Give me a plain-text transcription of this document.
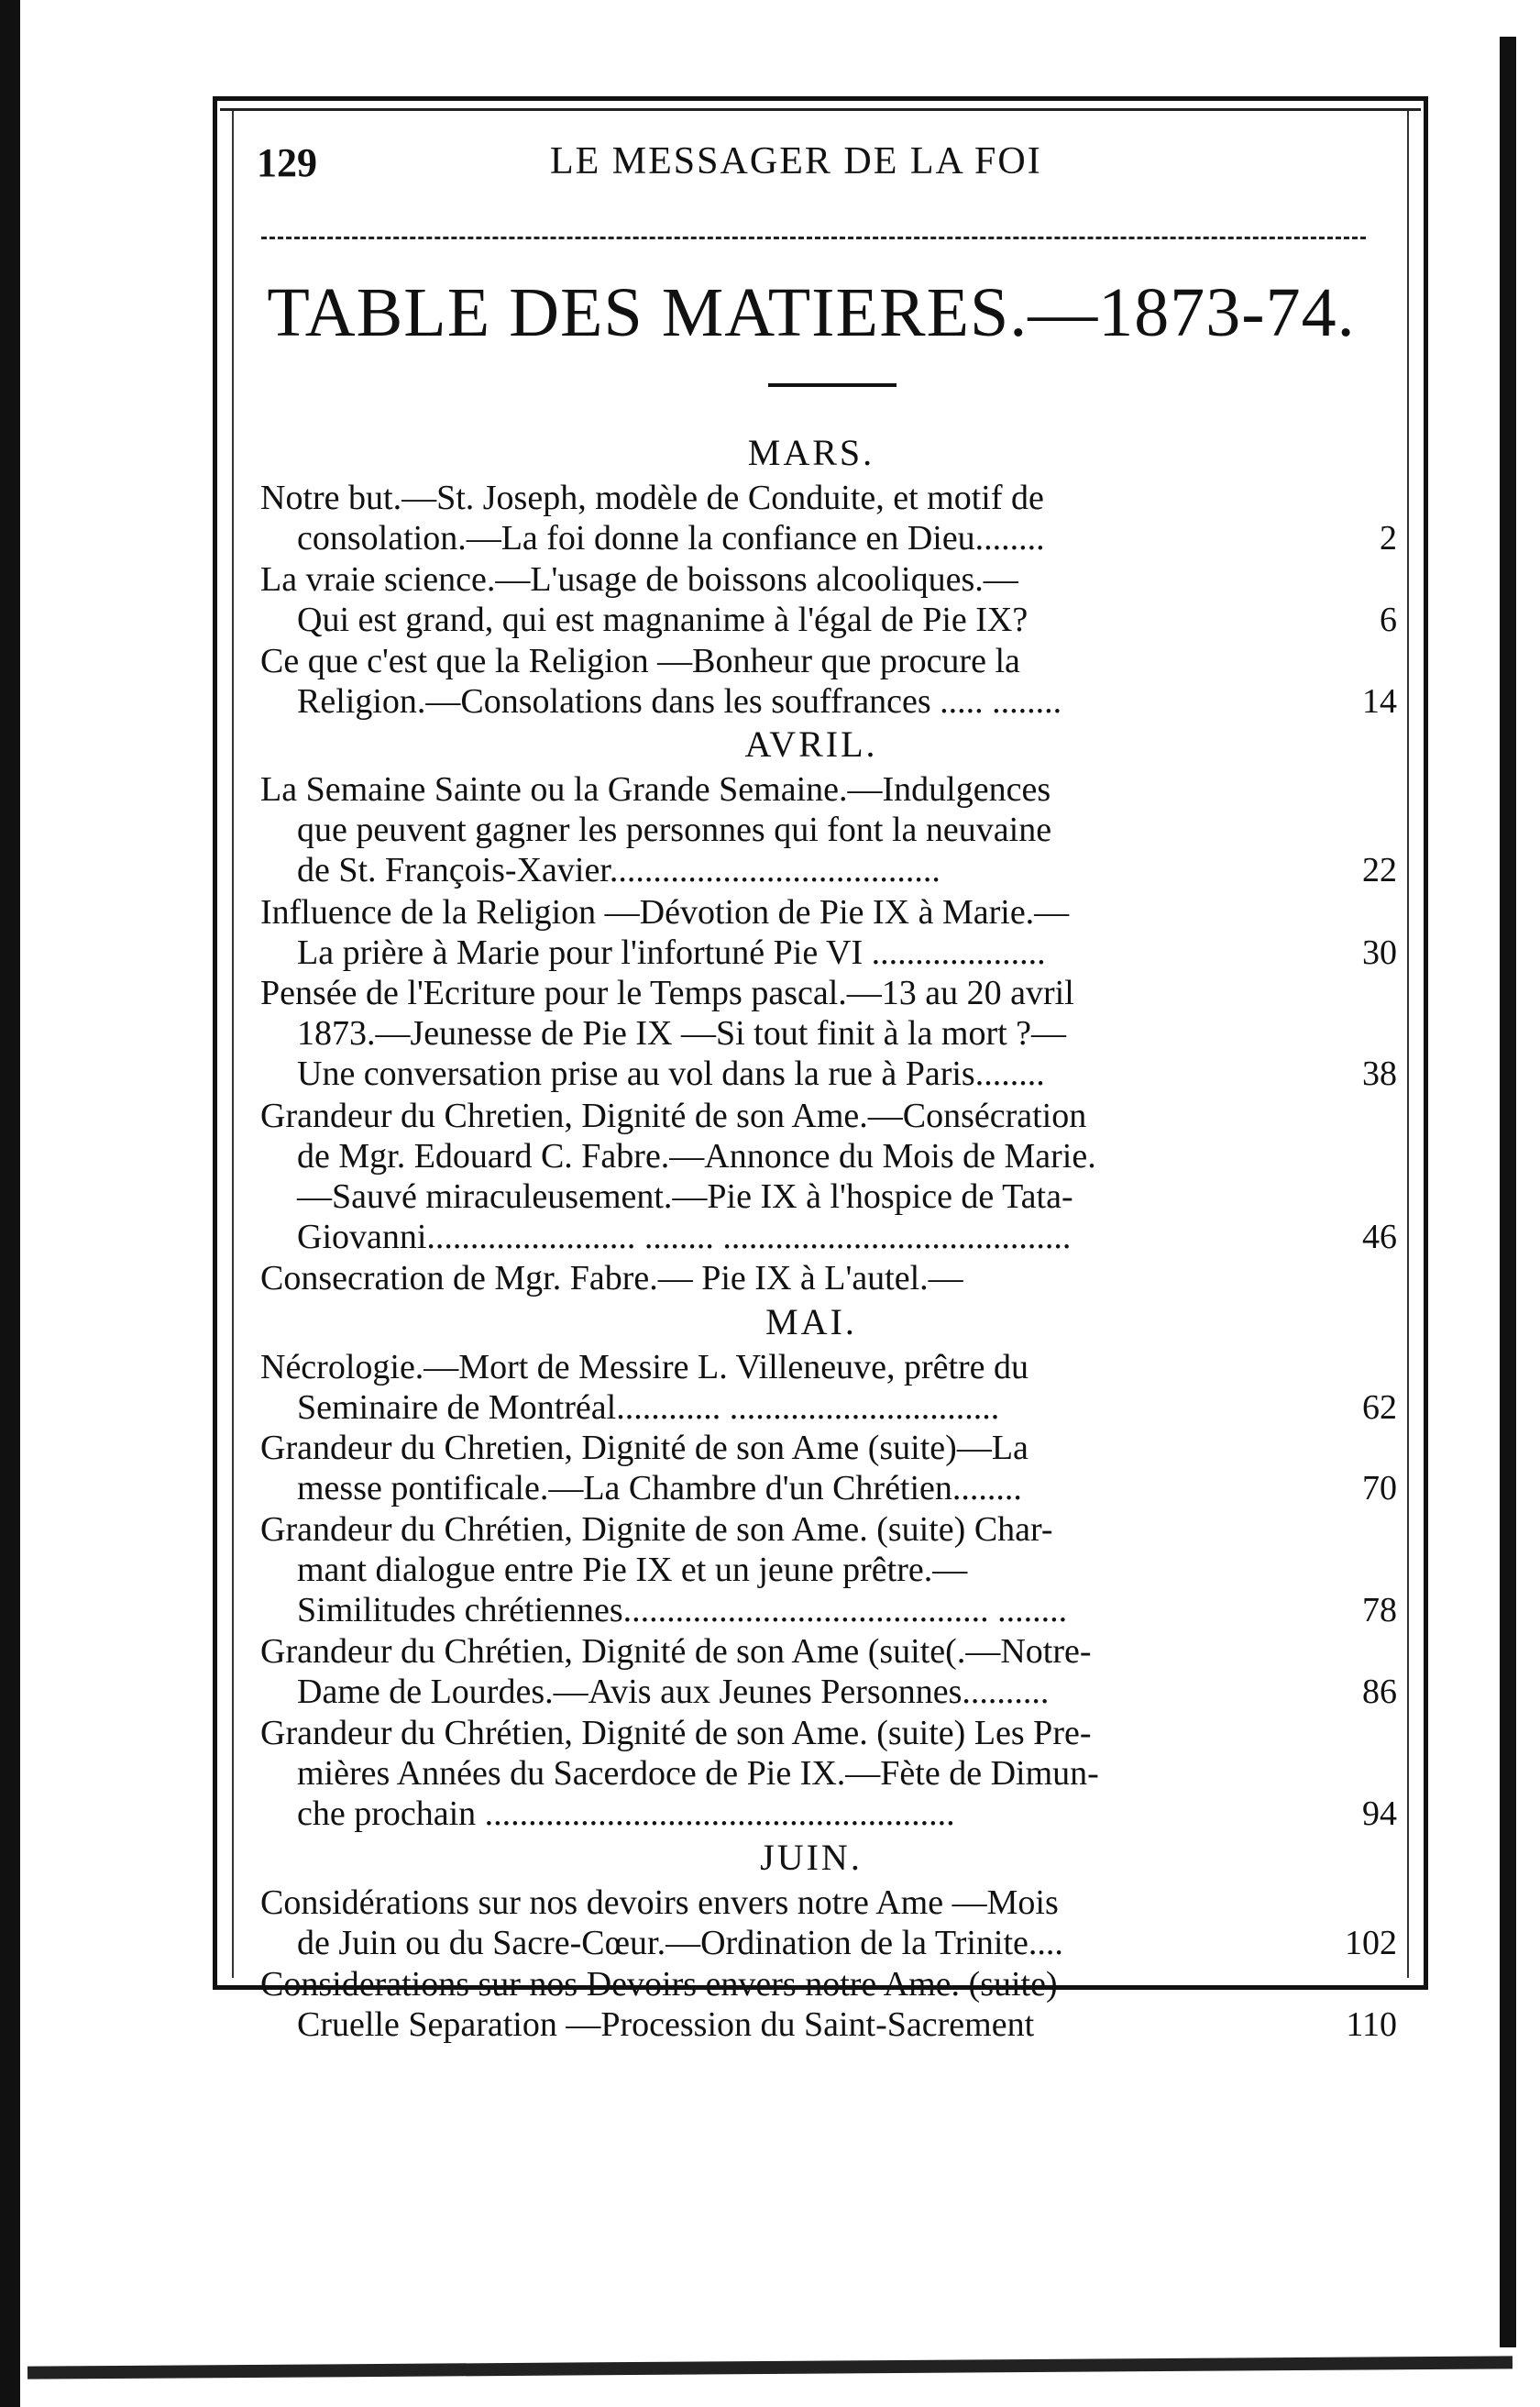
129	LE MESSAGER DE LA FOI
TABLE DES MATIERES.—1873-74.
MARS.
Notre but.—St. Joseph, modèle de Conduite, et motif de
consolation.—La foi donne la confiance en Dieu........	2
La vraie science.—L'usage de boissons alcooliques.—
Qui est grand, qui est magnanime à l'égal de Pie IX?	6
Ce que c'est que la Religion —Bonheur que procure la
Religion.—Consolations dans les souffrances ..... ........	14
AVRIL.
La Semaine Sainte ou la Grande Semaine.—Indulgences
que peuvent gagner les personnes qui font la neuvaine
de St. François-Xavier......................................	22
Influence de la Religion —Dévotion de Pie IX à Marie.—
La prière à Marie pour l'infortuné Pie VI ....................	30
Pensée de l'Ecriture pour le Temps pascal.—13 au 20 avril
1873.—Jeunesse de Pie IX —Si tout finit à la mort ?—
Une conversation prise au vol dans la rue à Paris........	38
Grandeur du Chretien, Dignité de son Ame.—Consécration
de Mgr. Edouard C. Fabre.—Annonce du Mois de Marie.
—Sauvé miraculeusement.—Pie IX à l'hospice de Tata-
Giovanni........................ ........ ........................................	46
Consecration de Mgr. Fabre.— Pie IX à L'autel.—
MAI.
Nécrologie.—Mort de Messire L. Villeneuve, prêtre du
Seminaire de Montréal............ ...............................	62
Grandeur du Chretien, Dignité de son Ame (suite)—La
messe pontificale.—La Chambre d'un Chrétien........	70
Grandeur du Chrétien, Dignite de son Ame. (suite) Char-
mant dialogue entre Pie IX et un jeune prêtre.—
Similitudes chrétiennes.......................................... ........	78
Grandeur du Chrétien, Dignité de son Ame (suite(.—Notre-
Dame de Lourdes.—Avis aux Jeunes Personnes..........	86
Grandeur du Chrétien, Dignité de son Ame. (suite) Les Pre-
mières Années du Sacerdoce de Pie IX.—Fète de Dimun-
che prochain ......................................................	94
JUIN.
Considérations sur nos devoirs envers notre Ame —Mois
de Juin ou du Sacre-Cœur.—Ordination de la Trinite....	102
Considerations sur nos Devoirs envers notre Ame. (suite)
Cruelle Separation —Procession du Saint-Sacrement	110
